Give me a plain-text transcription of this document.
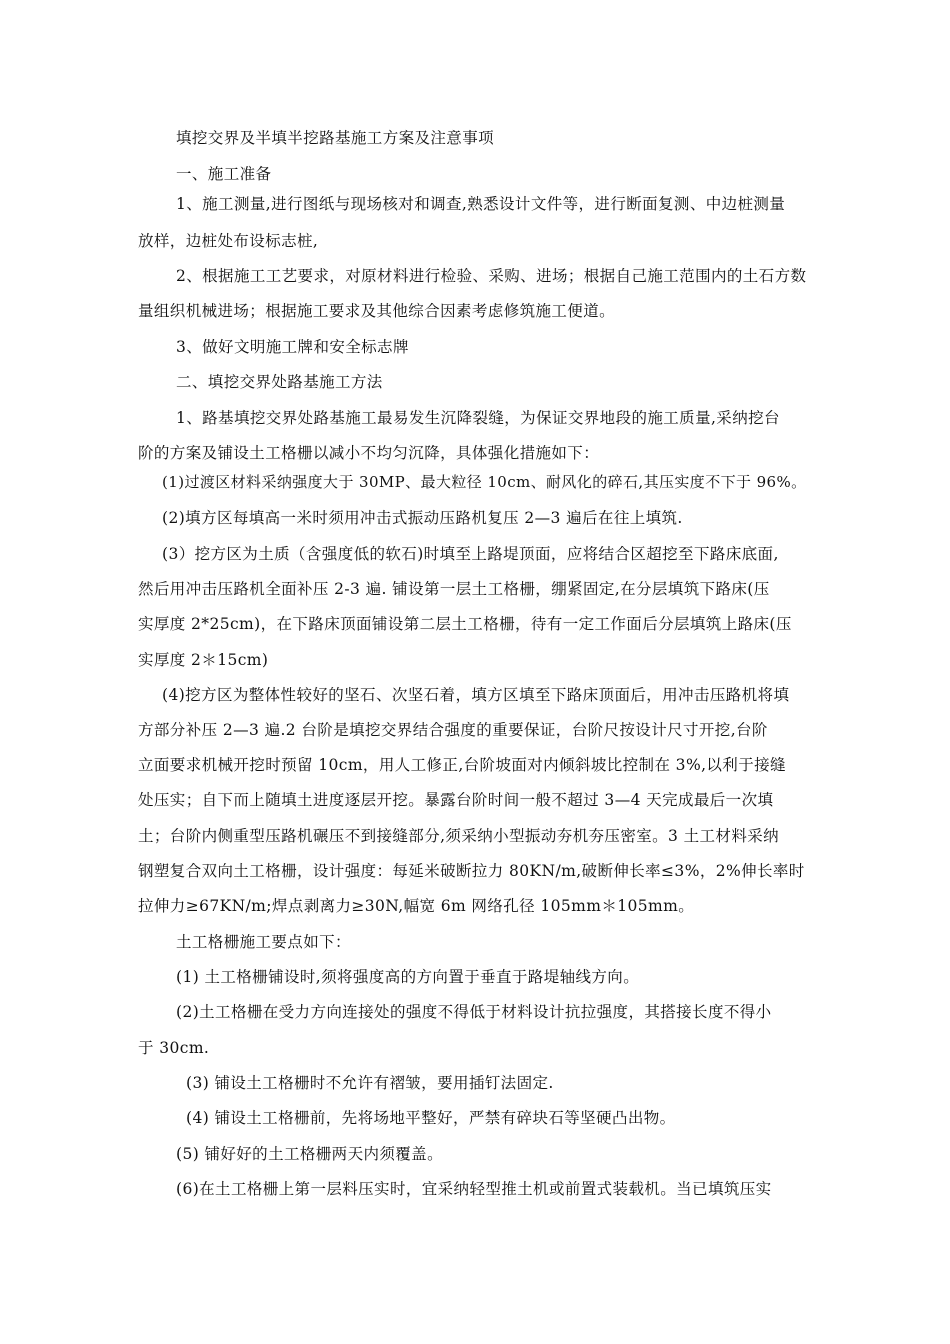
填挖交界及半填半挖路基施工方案及注意事项
一、施工准备
1、施工测量,进行图纸与现场核对和调查,熟悉设计文件等，进行断面复测、中边桩测量
放样，边桩处布设标志桩,
2、根据施工工艺要求，对原材料进行检验、采购、进场；根据自己施工范围内的土石方数
量组织机械进场；根据施工要求及其他综合因素考虑修筑施工便道。
3、做好文明施工牌和安全标志牌
二、填挖交界处路基施工方法
1、路基填挖交界处路基施工最易发生沉降裂缝，为保证交界地段的施工质量,采纳挖台
阶的方案及铺设土工格栅以减小不均匀沉降，具体强化措施如下：
(1)过渡区材料采纳强度大于 30MP、最大粒径 10cm、耐风化的碎石,其压实度不下于 96%。
(2)填方区每填高一米时须用冲击式振动压路机复压 2—3 遍后在往上填筑.
(3）挖方区为土质（含强度低的软石)时填至上路堤顶面，应将结合区超挖至下路床底面,
然后用冲击压路机全面补压 2-3 遍. 铺设第一层土工格栅，绷紧固定,在分层填筑下路床(压
实厚度 2*25cm)，在下路床顶面铺设第二层土工格栅，待有一定工作面后分层填筑上路床(压
实厚度 2＊15cm)
(4)挖方区为整体性较好的坚石、次坚石着，填方区填至下路床顶面后，用冲击压路机将填
方部分补压 2—3 遍.2 台阶是填挖交界结合强度的重要保证，台阶尺按设计尺寸开挖,台阶
立面要求机械开挖时预留 10cm，用人工修正,台阶坡面对内倾斜坡比控制在 3%,以利于接缝
处压实；自下而上随填土进度逐层开挖。暴露台阶时间一般不超过 3—4 天完成最后一次填
土；台阶内侧重型压路机碾压不到接缝部分,须采纳小型振动夯机夯压密室。3 土工材料采纳
钢塑复合双向土工格栅，设计强度：每延米破断拉力 80KN/m,破断伸长率≤3%，2%伸长率时
拉伸力≥67KN/m;焊点剥离力≥30N,幅宽 6m 网络孔径 105mm＊105mm。
土工格栅施工要点如下：
(1) 土工格栅铺设时,须将强度高的方向置于垂直于路堤轴线方向。
(2)土工格栅在受力方向连接处的强度不得低于材料设计抗拉强度，其搭接长度不得小
于 30cm.
(3) 铺设土工格栅时不允许有褶皱，要用插钉法固定.
(4) 铺设土工格栅前，先将场地平整好，严禁有碎块石等坚硬凸出物。
(5) 铺好好的土工格栅两天内须覆盖。
(6)在土工格栅上第一层料压实时，宜采纳轻型推土机或前置式装载机。当已填筑压实
